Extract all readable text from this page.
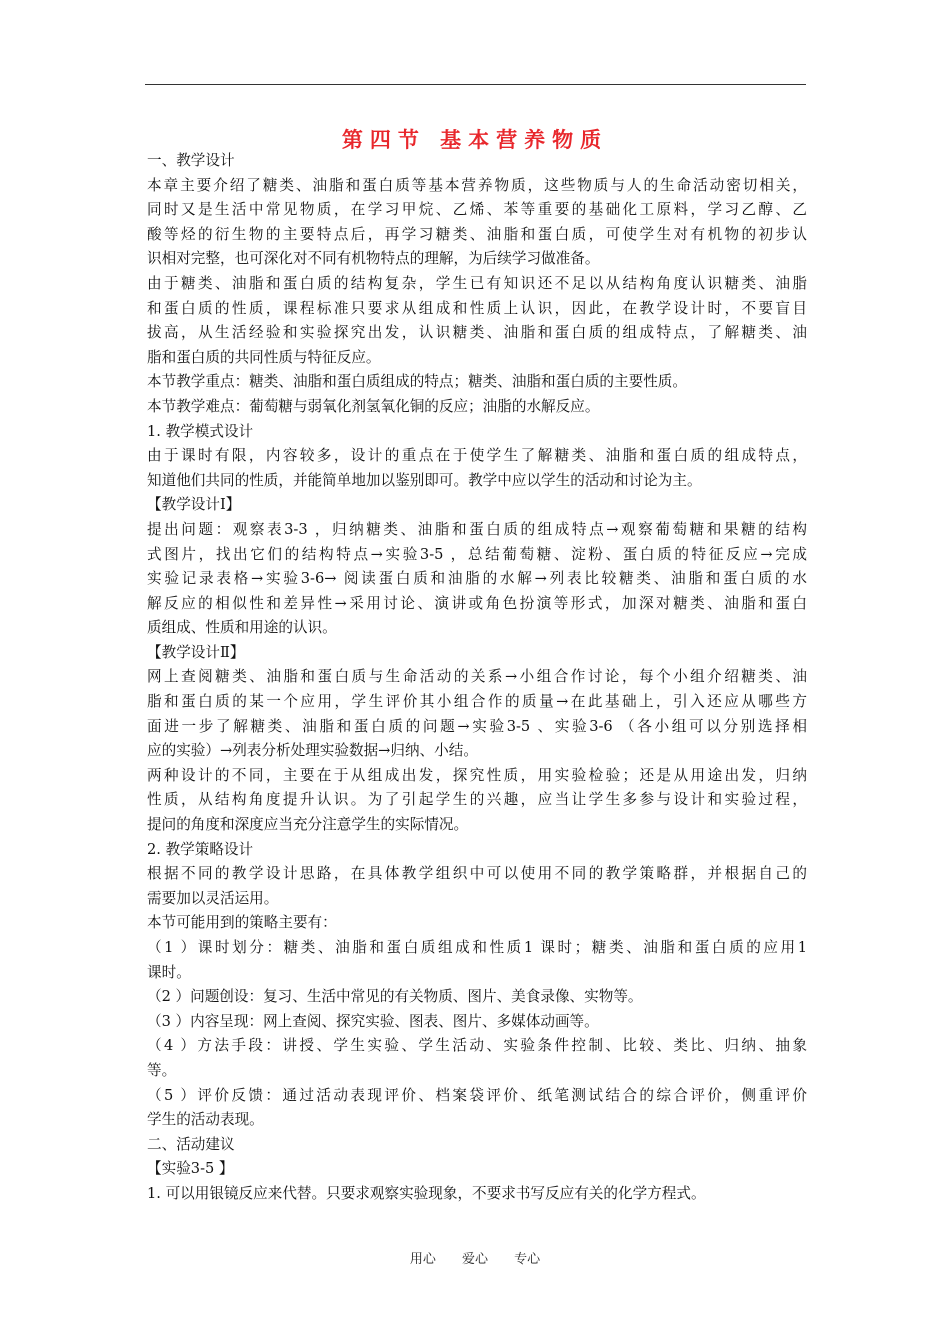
第四节 基本营养物质
一、教学设计
本章主要介绍了糖类、油脂和蛋白质等基本营养物质，这些物质与人的生命活动密切相关，
同时又是生活中常见物质，在学习甲烷、乙烯、苯等重要的基础化工原料，学习乙醇、乙
酸等烃的衍生物的主要特点后，再学习糖类、油脂和蛋白质，可使学生对有机物的初步认
识相对完整，也可深化对不同有机物特点的理解，为后续学习做准备。
由于糖类、油脂和蛋白质的结构复杂，学生已有知识还不足以从结构角度认识糖类、油脂
和蛋白质的性质，课程标准只要求从组成和性质上认识，因此，在教学设计时，不要盲目
拔高，从生活经验和实验探究出发，认识糖类、油脂和蛋白质的组成特点，了解糖类、油
脂和蛋白质的共同性质与特征反应。
本节教学重点：糖类、油脂和蛋白质组成的特点；糖类、油脂和蛋白质的主要性质。
本节教学难点：葡萄糖与弱氧化剂氢氧化铜的反应；油脂的水解反应。
1. 教学模式设计
由于课时有限，内容较多，设计的重点在于使学生了解糖类、油脂和蛋白质的组成特点，
知道他们共同的性质，并能简单地加以鉴别即可。教学中应以学生的活动和讨论为主。
【教学设计Ⅰ】
提出问题：观察表3-3 ，归纳糖类、油脂和蛋白质的组成特点→观察葡萄糖和果糖的结构
式图片，找出它们的结构特点→实验3-5 ，总结葡萄糖、淀粉、蛋白质的特征反应→完成
实验记录表格→实验3-6→ 阅读蛋白质和油脂的水解→列表比较糖类、油脂和蛋白质的水
解反应的相似性和差异性→采用讨论、演讲或角色扮演等形式，加深对糖类、油脂和蛋白
质组成、性质和用途的认识。
【教学设计Ⅱ】
网上查阅糖类、油脂和蛋白质与生命活动的关系→小组合作讨论，每个小组介绍糖类、油
脂和蛋白质的某一个应用，学生评价其小组合作的质量→在此基础上，引入还应从哪些方
面进一步了解糖类、油脂和蛋白质的问题→实验3-5 、实验3-6 （各小组可以分别选择相
应的实验）→列表分析处理实验数据→归纳、小结。
两种设计的不同，主要在于从组成出发，探究性质，用实验检验；还是从用途出发，归纳
性质，从结构角度提升认识。为了引起学生的兴趣，应当让学生多参与设计和实验过程，
提问的角度和深度应当充分注意学生的实际情况。
2. 教学策略设计
根据不同的教学设计思路，在具体教学组织中可以使用不同的教学策略群，并根据自己的
需要加以灵活运用。
本节可能用到的策略主要有：
（1 ）课时划分：糖类、油脂和蛋白质组成和性质1 课时；糖类、油脂和蛋白质的应用1
课时。
（2 ）问题创设：复习、生活中常见的有关物质、图片、美食录像、实物等。
（3 ）内容呈现：网上查阅、探究实验、图表、图片、多媒体动画等。
（4 ）方法手段：讲授、学生实验、学生活动、实验条件控制、比较、类比、归纳、抽象
等。
（5 ）评价反馈：通过活动表现评价、档案袋评价、纸笔测试结合的综合评价，侧重评价
学生的活动表现。
二、活动建议
【实验3-5 】
1. 可以用银镜反应来代替。只要求观察实验现象，不要求书写反应有关的化学方程式。
用心 爱心 专心
